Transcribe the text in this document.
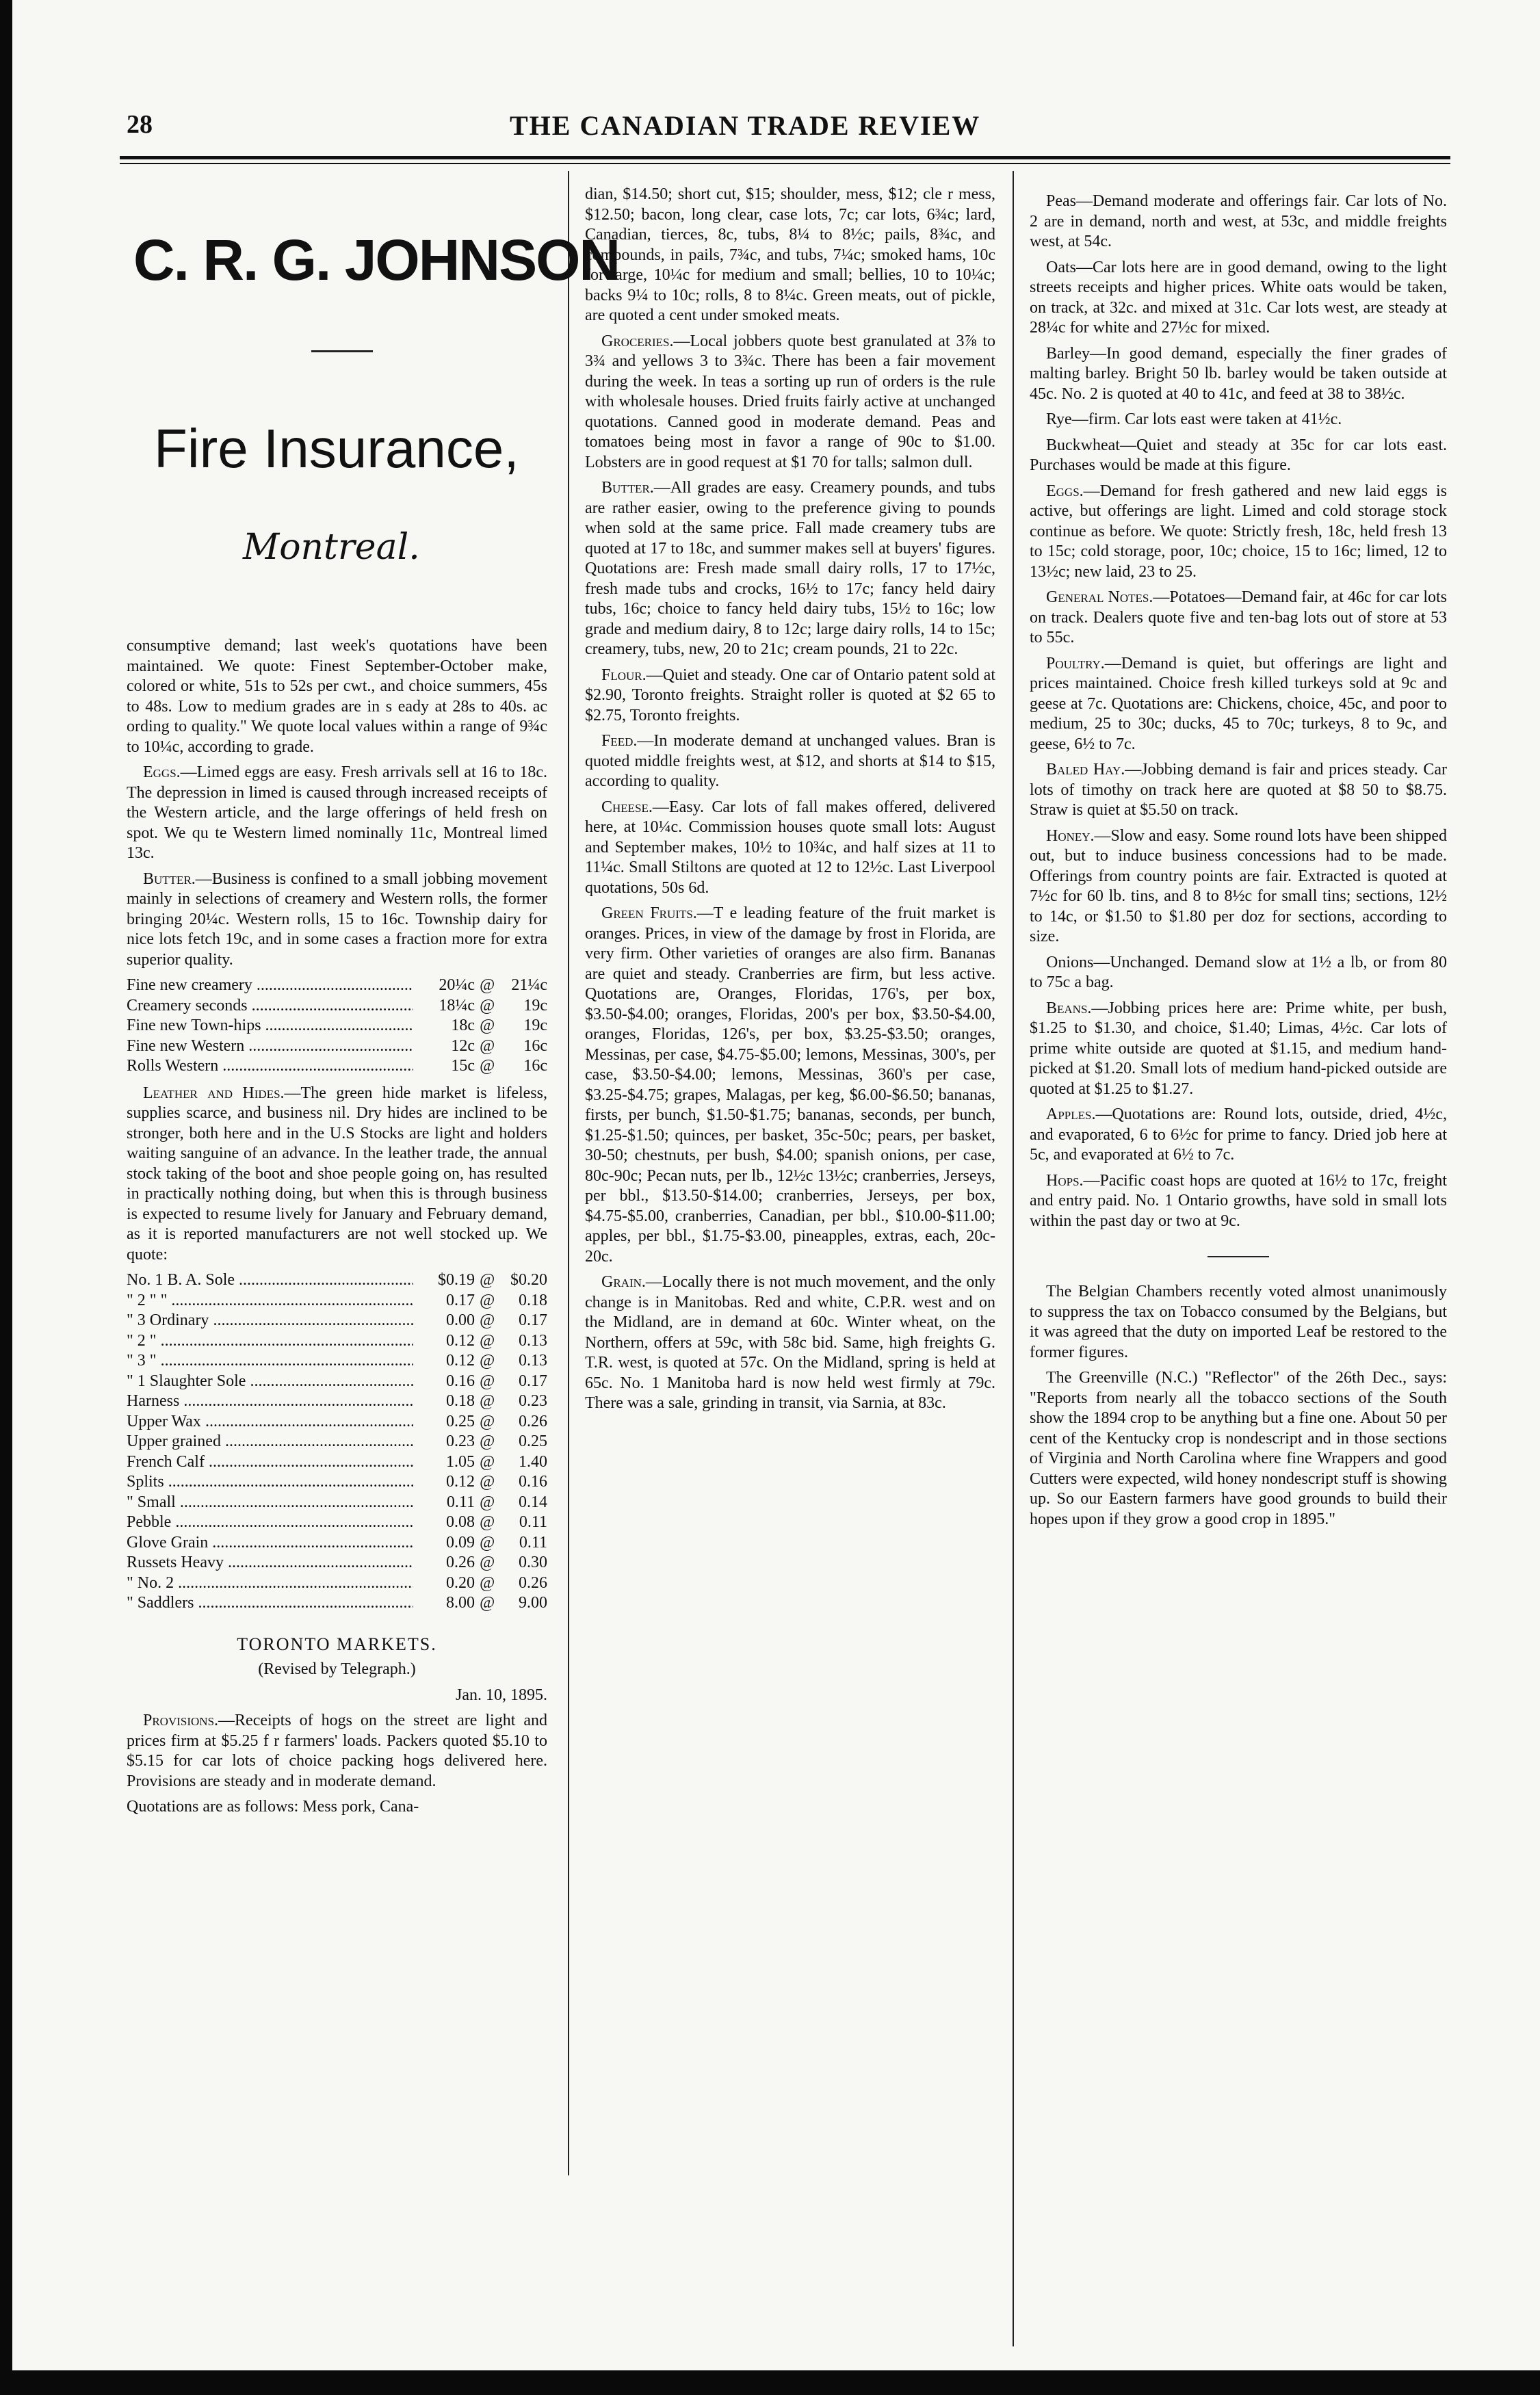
28	THE CANADIAN TRADE REVIEW
C. R. G. JOHNSON
Fire Insurance,
Montreal.

consumptive demand; last week's quotations have been maintained. We quote: Finest September-October make, colored or white, 51s to 52s per cwt., and choice summers, 45s to 48s. Low to medium grades are in s eady at 28s to 40s. ac ording to quality." We quote local values within a range of 9¾c to 10¼c, according to grade.

Eggs.—Limed eggs are easy. Fresh arrivals sell at 16 to 18c. The depression in limed is caused through increased receipts of the Western article, and the large offerings of held fresh on spot. We qu te Western limed nominally 11c, Montreal limed 13c.

Butter.—Business is confined to a small jobbing movement mainly in selections of creamery and Western rolls, the former bringing 20¼c. Western rolls, 15 to 16c. Township dairy for nice lots fetch 19c, and in some cases a fraction more for extra superior quality.

Fine new creamery .....	20¼c @	21¼c
Creamery seconds .....	18¼c @	19c
Fine new Town-hips .....	18c @	19c
Fine new Western .....	12c @	16c
Rolls Western .....	15c @	16c

Leather and Hides.—The green hide market is lifeless, supplies scarce, and business nil. Dry hides are inclined to be stronger, both here and in the U.S Stocks are light and holders waiting sanguine of an advance. In the leather trade, the annual stock taking of the boot and shoe people going on, has resulted in practically nothing doing, but when this is through business is expected to resume lively for January and February demand, as it is reported manufacturers are not well stocked up. We quote:

No. 1 B. A. Sole .....	$0.19 @ $0.20
" 2 " " .....	0.17 @	0.18
" 3 Ordinary .....	0.00 @	0.17
" 2 " .....	0.12 @	0.13
" 3 " .....	0.12 @	0.13
" 1 Slaughter Sole .....	0.16 @	0.17
Harness .....	0.18 @	0.23
Upper Wax .....	0.25 @	0.26
Upper grained .....	0.23 @	0.25
French Calf .....	1.05 @	1.40
Splits .....	0.12 @	0.16
" Small .....	0.11 @	0.14
Pebble .....	0.08 @	0.11
Glove Grain .....	0.09 @	0.11
Russets Heavy .....	0.26 @	0.30
" No. 2 .....	0.20 @	0.26
" Saddlers .....	8.00 @	9.00

TORONTO MARKETS.

(Revised by Telegraph.)

Jan. 10, 1895.

Provisions.—Receipts of hogs on the street are light and prices firm at $5.25 f r farmers' loads. Packers quoted $5.10 to $5.15 for car lots of choice packing hogs delivered here. Provisions are steady and in moderate demand.

Quotations are as follows: Mess pork, Cana-

dian, $14.50; short cut, $15; shoulder, mess, $12; cle r mess, $12.50; bacon, long clear, case lots, 7c; car lots, 6¾c; lard, Canadian, tierces, 8c, tubs, 8¼ to 8½c; pails, 8¾c, and compounds, in pails, 7¾c, and tubs, 7¼c; smoked hams, 10c for large, 10¼c for medium and small; bellies, 10 to 10¼c; backs 9¼ to 10c; rolls, 8 to 8¼c. Green meats, out of pickle, are quoted a cent under smoked meats.

Groceries.—Local jobbers quote best granulated at 3⅞ to 3¾ and yellows 3 to 3¾c. There has been a fair movement during the week. In teas a sorting up run of orders is the rule with wholesale houses. Dried fruits fairly active at unchanged quotations. Canned good in moderate demand. Peas and tomatoes being most in favor a range of 90c to $1.00. Lobsters are in good request at $1 70 for talls; salmon dull.

Butter.—All grades are easy. Creamery pounds, and tubs are rather easier, owing to the preference giving to pounds when sold at the same price. Fall made creamery tubs are quoted at 17 to 18c, and summer makes sell at buyers' figures. Quotations are: Fresh made small dairy rolls, 17 to 17½c, fresh made tubs and crocks, 16½ to 17c; fancy held dairy tubs, 16c; choice to fancy held dairy tubs, 15½ to 16c; low grade and medium dairy, 8 to 12c; large dairy rolls, 14 to 15c; creamery, tubs, new, 20 to 21c; cream pounds, 21 to 22c.

Flour.—Quiet and steady. One car of Ontario patent sold at $2.90, Toronto freights. Straight roller is quoted at $2 65 to $2.75, Toronto freights.

Feed.—In moderate demand at unchanged values. Bran is quoted middle freights west, at $12, and shorts at $14 to $15, according to quality.

Cheese.—Easy. Car lots of fall makes offered, delivered here, at 10¼c. Commission houses quote small lots: August and September makes, 10½ to 10¾c, and half sizes at 11 to 11¼c. Small Stiltons are quoted at 12 to 12½c. Last Liverpool quotations, 50s 6d.

Green Fruits.—T e leading feature of the fruit market is oranges. Prices, in view of the damage by frost in Florida, are very firm. Other varieties of oranges are also firm. Bananas are quiet and steady. Cranberries are firm, but less active. Quotations are, Oranges, Floridas, 176's, per box, $3.50-$4.00; oranges, Floridas, 200's per box, $3.50-$4.00, oranges, Floridas, 126's, per box, $3.25-$3.50; oranges, Messinas, per case, $4.75-$5.00; lemons, Messinas, 300's, per case, $3.50-$4.00; lemons, Messinas, 360's per case, $3.25-$4.75; grapes, Malagas, per keg, $6.00-$6.50; bananas, firsts, per bunch, $1.50-$1.75; bananas, seconds, per bunch, $1.25-$1.50; quinces, per basket, 35c-50c; pears, per basket, 30-50; chestnuts, per bush, $4.00; spanish onions, per case, 80c-90c; Pecan nuts, per lb., 12½c 13½c; cranberries, Jerseys, per bbl., $13.50-$14.00; cranberries, Jerseys, per box, $4.75-$5.00, cranberries, Canadian, per bbl., $10.00-$11.00; apples, per bbl., $1.75-$3.00, pineapples, extras, each, 20c-20c.

Grain.—Locally there is not much movement, and the only change is in Manitobas. Red and white, C.P.R. west and on the Midland, are in demand at 60c. Winter wheat, on the Northern, offers at 59c, with 58c bid. Same, high freights G. T.R. west, is quoted at 57c. On the Midland, spring is held at 65c. No. 1 Manitoba hard is now held west firmly at 79c. There was a sale, grinding in transit, via Sarnia, at 83c.

Peas—Demand moderate and offerings fair. Car lots of No. 2 are in demand, north and west, at 53c, and middle freights west, at 54c.

Oats—Car lots here are in good demand, owing to the light streets receipts and higher prices. White oats would be taken, on track, at 32c. and mixed at 31c. Car lots west, are steady at 28¼c for white and 27½c for mixed.

Barley—In good demand, especially the finer grades of malting barley. Bright 50 lb. barley would be taken outside at 45c. No. 2 is quoted at 40 to 41c, and feed at 38 to 38½c.

Rye—firm. Car lots east were taken at 41½c.

Buckwheat—Quiet and steady at 35c for car lots east. Purchases would be made at this figure.

Eggs.—Demand for fresh gathered and new laid eggs is active, but offerings are light. Limed and cold storage stock continue as before. We quote: Strictly fresh, 18c, held fresh 13 to 15c; cold storage, poor, 10c; choice, 15 to 16c; limed, 12 to 13½c; new laid, 23 to 25.

General Notes.—Potatoes—Demand fair, at 46c for car lots on track. Dealers quote five and ten-bag lots out of store at 53 to 55c.

Poultry.—Demand is quiet, but offerings are light and prices maintained. Choice fresh killed turkeys sold at 9c and geese at 7c. Quotations are: Chickens, choice, 45c, and poor to medium, 25 to 30c; ducks, 45 to 70c; turkeys, 8 to 9c, and geese, 6½ to 7c.

Baled Hay.—Jobbing demand is fair and prices steady. Car lots of timothy on track here are quoted at $8 50 to $8.75. Straw is quiet at $5.50 on track.

Honey.—Slow and easy. Some round lots have been shipped out, but to induce business concessions had to be made. Offerings from country points are fair. Extracted is quoted at 7½c for 60 lb. tins, and 8 to 8½c for small tins; sections, 12½ to 14c, or $1.50 to $1.80 per doz for sections, according to size.

Onions—Unchanged. Demand slow at 1½ a lb, or from 80 to 75c a bag.

Beans.—Jobbing prices here are: Prime white, per bush, $1.25 to $1.30, and choice, $1.40; Limas, 4½c. Car lots of prime white outside are quoted at $1.15, and medium hand-picked at $1.20. Small lots of medium hand-picked outside are quoted at $1.25 to $1.27.

Apples.—Quotations are: Round lots, outside, dried, 4½c, and evaporated, 6 to 6½c for prime to fancy. Dried job here at 5c, and evaporated at 6½ to 7c.

Hops.—Pacific coast hops are quoted at 16½ to 17c, freight and entry paid. No. 1 Ontario growths, have sold in small lots within the past day or two at 9c.

The Belgian Chambers recently voted almost unanimously to suppress the tax on Tobacco consumed by the Belgians, but it was agreed that the duty on imported Leaf be restored to the former figures.

The Greenville (N.C.) "Reflector" of the 26th Dec., says: "Reports from nearly all the tobacco sections of the South show the 1894 crop to be anything but a fine one. About 50 per cent of the Kentucky crop is nondescript and in those sections of Virginia and North Carolina where fine Wrappers and good Cutters were expected, wild honey nondescript stuff is showing up. So our Eastern farmers have good grounds to build their hopes upon if they grow a good crop in 1895."
